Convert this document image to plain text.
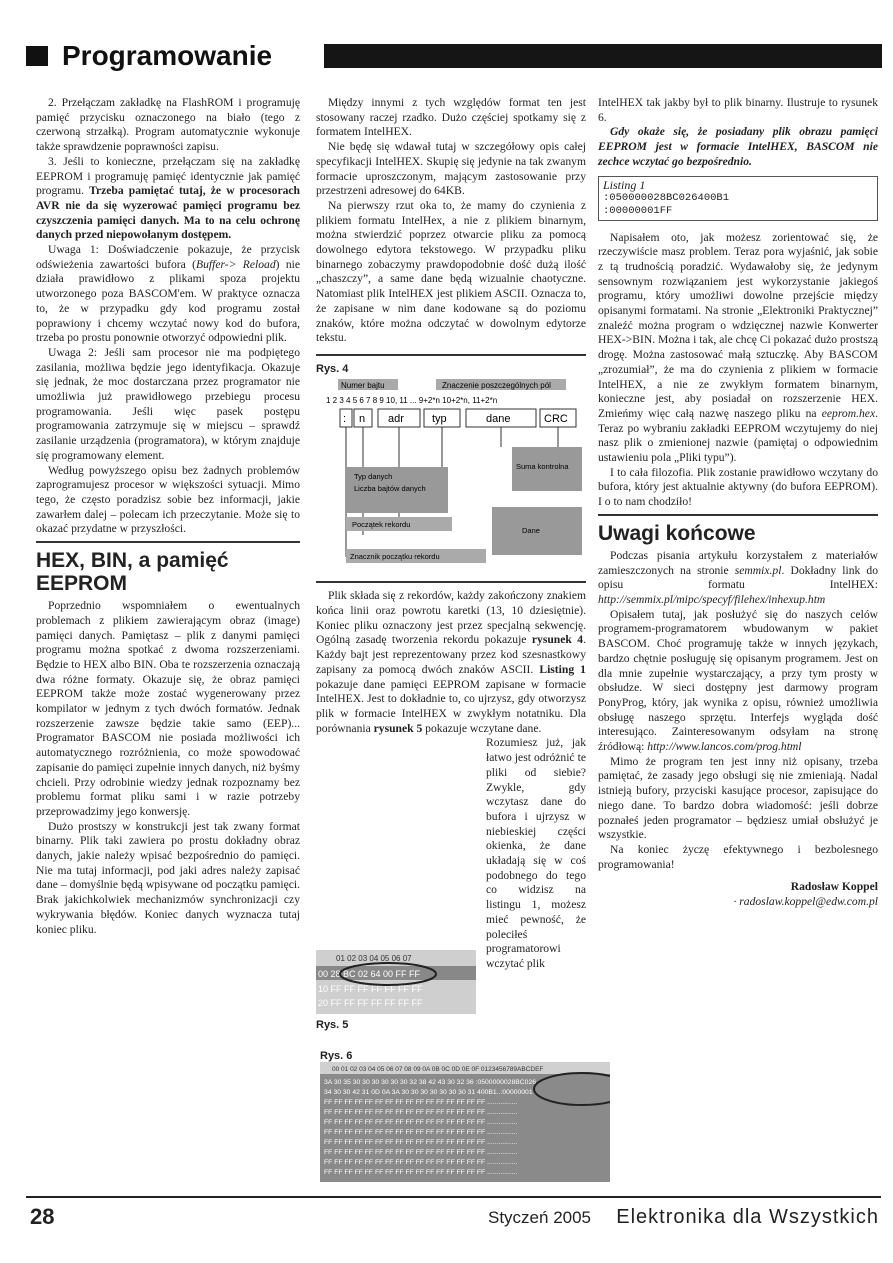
Programowanie

2. Przełączam zakładkę na FlashROM i programuję pamięć przycisku oznaczonego na biało (tego z czerwoną strzałką). Program automatycznie wykonuje także sprawdzenie poprawności zapisu.

3. Jeśli to konieczne, przełączam się na zakładkę EEPROM i programuję pamięć identycznie jak pamięć programu. Trzeba pamiętać tutaj, że w procesorach AVR nie da się wyzerować pamięci programu bez czyszczenia pamięci danych. Ma to na celu ochronę danych przed niepowołanym dostępem.

Uwaga 1: Doświadczenie pokazuje, że przycisk odświeżenia zawartości bufora (Buffer-> Reload) nie działa prawidłowo z plikami spoza projektu utworzonego poza BASCOM'em. W praktyce oznacza to, że w przypadku gdy kod programu został poprawiony i chcemy wczytać nowy kod do bufora, trzeba po prostu ponownie otworzyć odpowiedni plik.

Uwaga 2: Jeśli sam procesor nie ma podpiętego zasilania, możliwa będzie jego identyfikacja. Okazuje się jednak, że moc dostarczana przez programator nie umożliwia już prawidłowego przebiegu procesu programowania. Jeśli więc pasek postępu programowania zatrzymuje się w miejscu – sprawdź zasilanie urządzenia (programatora), w którym znajduje się programowany element.

Według powyższego opisu bez żadnych problemów zaprogramujesz procesor w większości sytuacji. Mimo tego, że często poradzisz sobie bez informacji, jakie zawarłem dalej – polecam ich przeczytanie. Może się to okazać przydatne w przyszłości.

HEX, BIN, a pamięć EEPROM

Poprzednio wspomniałem o ewentualnych problemach z plikiem zawierającym obraz (image) pamięci danych. Pamiętasz – plik z danymi pamięci programu można spotkać z dwoma rozszerzeniami. Będzie to HEX albo BIN. Oba te rozszerzenia oznaczają dwa różne formaty. Okazuje się, że obraz pamięci EEPROM także może zostać wygenerowany przez kompilator w jednym z tych dwóch formatów. Jednak rozszerzenie zawsze będzie takie samo (EEP)... Programator BASCOM nie posiada możliwości ich automatycznego rozróżnienia, co może spowodować zapisanie do pamięci zupełnie innych danych, niż byśmy chcieli. Przy odrobinie wiedzy jednak rozpoznamy bez problemu format pliku sami i w razie potrzeby przeprowadzimy jego konwersję.

Dużo prostszy w konstrukcji jest tak zwany format binarny. Plik taki zawiera po prostu dokładny obraz danych, jakie należy wpisać bezpośrednio do pamięci. Nie ma tutaj informacji, pod jaki adres należy zapisać dane – domyślnie będą wpisywane od początku pamięci. Brak jakichkolwiek mechanizmów synchronizacji czy wykrywania błędów. Koniec danych wyznacza tutaj koniec pliku.

Między innymi z tych względów format ten jest stosowany raczej rzadko. Dużo częściej spotkamy się z formatem IntelHEX.

Nie będę się wdawał tutaj w szczegółowy opis całej specyfikacji IntelHEX. Skupię się jedynie na tak zwanym formacie uproszczonym, mającym zastosowanie przy przestrzeni adresowej do 64KB.

Na pierwszy rzut oka to, że mamy do czynienia z plikiem formatu IntelHex, a nie z plikiem binarnym, można stwierdzić poprzez otwarcie pliku za pomocą dowolnego edytora tekstowego. W przypadku pliku binarnego zobaczymy prawdopodobnie dość dużą ilość „chaszczy”, a same dane będą wizualnie chaotyczne. Natomiast plik IntelHEX jest plikiem ASCII. Oznacza to, że zapisane w nim dane kodowane są do poziomu znaków, które można odczytać w dowolnym edytorze tekstu.

Rys. 4
Numer bajtu	Znaczenie poszczególnych pól
1 2 3 4 5 6 7 8 9 10, 11 ... 9+2*n 10+2*n, 11+2*n
: n adr	typ	dane	CRC
Typ danych
Liczba bajtów danych
Początek rekordu
Znacznik początku rekordu
Suma kontrolna
Dane

Plik składa się z rekordów, każdy zakończony znakiem końca linii oraz powrotu karetki (13, 10 dziesiętnie). Koniec pliku oznaczony jest przez specjalną sekwencję. Ogólną zasadę tworzenia rekordu pokazuje rysunek 4. Każdy bajt jest reprezentowany przez kod szesnastkowy zapisany za pomocą dwóch znaków ASCII. Listing 1 pokazuje dane pamięci EEPROM zapisane w formacie IntelHEX. Jest to dokładnie to, co ujrzysz, gdy otworzysz plik w formacie IntelHEX w zwykłym notatniku. Dla porównania rysunek 5 pokazuje wczytane dane.

Rozumiesz już, jak łatwo jest odróżnić te pliki od siebie? Zwykle, gdy wczytasz dane do bufora i ujrzysz w niebieskiej części okienka, że dane układają się w coś podobnego do tego co widzisz na listingu 1, możesz mieć pewność, że poleciłeś programatorowi wczytać plik

01 02 03 04 05 06 07
00 28 BC 02 64 00 FF FF
10 FF FF FF FF FF FF FF
20 FF FF FF FF FF FF FF
Rys. 5
Rys. 6
00 01 02 03 04 05 06 07 08 09 0A 0B 0C 0D 0E 0F 0123456789ABCDEF
3A 30 35 30 30 30 30 30 30 32 38 42 43 30 32 36 :0500000028BC026
34 30 30 42 31 0D 0A 3A 30 30 30 30 30 30 30 31 400B1..:00000001
FF FF FF FF FF FF FF FF FF FF FF FF FF FF FF FF ................
FF FF FF FF FF FF FF FF FF FF FF FF FF FF FF FF ................
FF FF FF FF FF FF FF FF FF FF FF FF FF FF FF FF ................
FF FF FF FF FF FF FF FF FF FF FF FF FF FF FF FF ................
FF FF FF FF FF FF FF FF FF FF FF FF FF FF FF FF ................
FF FF FF FF FF FF FF FF FF FF FF FF FF FF FF FF ................
FF FF FF FF FF FF FF FF FF FF FF FF FF FF FF FF ................
FF FF FF FF FF FF FF FF FF FF FF FF FF FF FF FF ................

IntelHEX tak jakby był to plik binarny. Ilustruje to rysunek 6.

Gdy okaże się, że posiadany plik obrazu pamięci EEPROM jest w formacie IntelHEX, BASCOM nie zechce wczytać go bezpośrednio.

Listing 1
:050000028BC026400B1
:00000001FF

Napisałem oto, jak możesz zorientować się, że rzeczywiście masz problem. Teraz pora wyjaśnić, jak sobie z tą trudnością poradzić. Wydawałoby się, że jedynym sensownym rozwiązaniem jest wykorzystanie jakiegoś programu, który umożliwi dowolne przejście między opisanymi formatami. Na stronie „Elektroniki Praktycznej” znaleźć można program o wdzięcznej nazwie Konwerter HEX->BIN. Można i tak, ale chcę Ci pokazać dużo prostszą drogę. Można zastosować małą sztuczkę. Aby BASCOM „zrozumiał”, że ma do czynienia z plikiem w formacie IntelHEX, a nie ze zwykłym formatem binarnym, konieczne jest, aby posiadał on rozszerzenie HEX. Zmieńmy więc całą nazwę naszego pliku na eeprom.hex. Teraz po wybraniu zakładki EEPROM wczytujemy do niej nasz plik o zmienionej nazwie (pamiętaj o odpowiednim ustawieniu pola „Pliki typu”).

I to cała filozofia. Plik zostanie prawidłowo wczytany do bufora, który jest aktualnie aktywny (do bufora EEPROM). I o to nam chodziło!

Uwagi końcowe

Podczas pisania artykułu korzystałem z materiałów zamieszczonych na stronie semmix.pl. Dokładny link do opisu formatu IntelHEX: http://semmix.pl/mipc/specyf/filehex/inhexup.htm

Opisałem tutaj, jak posłużyć się do naszych celów programem-programatorem wbudowanym w pakiet BASCOM. Choć programuję także w innych językach, bardzo chętnie posługuję się opisanym programem. Jest on dla mnie zupełnie wystarczający, a przy tym prosty w obsłudze. W sieci dostępny jest darmowy program PonyProg, który, jak wynika z opisu, również umożliwia obsługę naszego sprzętu. Interfejs wygląda dość interesująco. Zainteresowanym odsyłam na stronę źródłową: http://www.lancos.com/prog.html

Mimo że program ten jest inny niż opisany, trzeba pamiętać, że zasady jego obsługi się nie zmieniają. Nadal istnieją bufory, przyciski kasujące procesor, zapisujące do niego dane. To bardzo dobra wiadomość: jeśli dobrze poznałeś jeden programator – będziesz umiał obsłużyć je wszystkie.

Na koniec życzę efektywnego i bezbolesnego programowania!

Radosław Koppel
· radoslaw.koppel@edw.com.pl
28	Styczeń 2005 Elektronika dla Wszystkich
